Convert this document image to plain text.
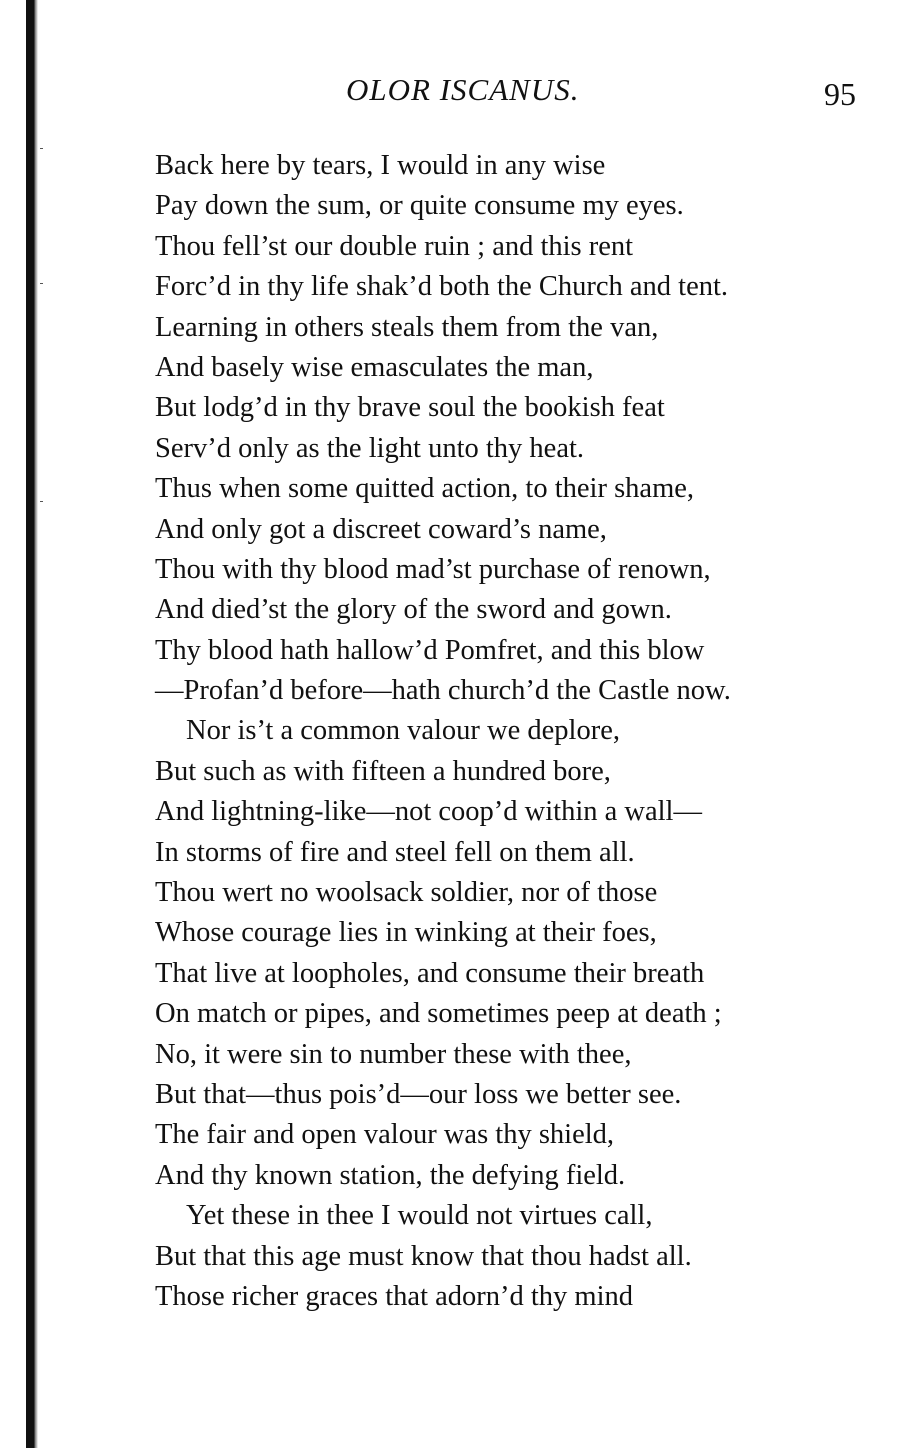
OLOR ISCANUS.	95
Back here by tears, I would in any wise
Pay down the sum, or quite consume my eyes.
Thou fell’st our double ruin ; and this rent
Forc’d in thy life shak’d both the Church and tent.
Learning in others steals them from the van,
And basely wise emasculates the man,
But lodg’d in thy brave soul the bookish feat
Serv’d only as the light unto thy heat.
Thus when some quitted action, to their shame,
And only got a discreet coward’s name,
Thou with thy blood mad’st purchase of renown,
And died’st the glory of the sword and gown.
Thy blood hath hallow’d Pomfret, and this blow
—Profan’d before—hath church’d the Castle now.
Nor is’t a common valour we deplore,
But such as with fifteen a hundred bore,
And lightning-like—not coop’d within a wall—
In storms of fire and steel fell on them all.
Thou wert no woolsack soldier, nor of those
Whose courage lies in winking at their foes,
That live at loopholes, and consume their breath
On match or pipes, and sometimes peep at death ;
No, it were sin to number these with thee,
But that—thus pois’d—our loss we better see.
The fair and open valour was thy shield,
And thy known station, the defying field.
Yet these in thee I would not virtues call,
But that this age must know that thou hadst all.
Those richer graces that adorn’d thy mind
